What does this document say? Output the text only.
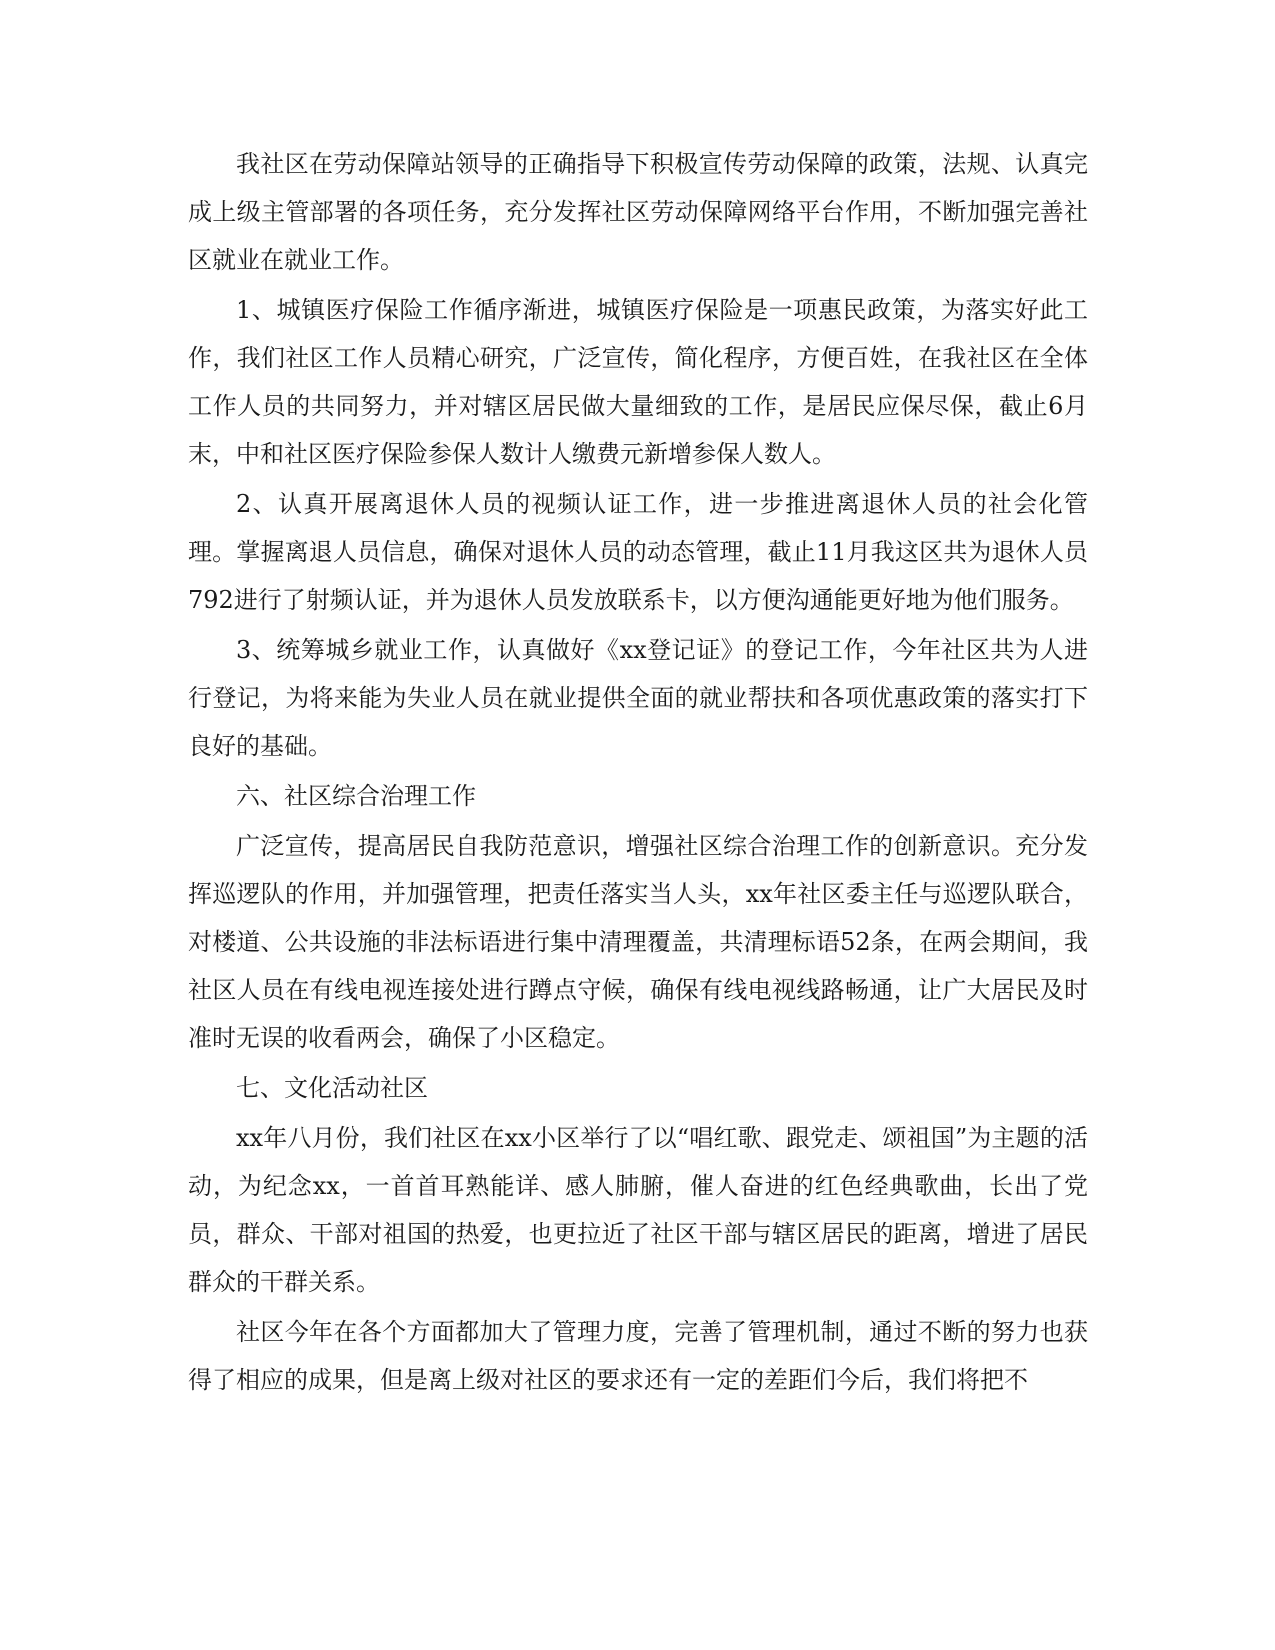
我社区在劳动保障站领导的正确指导下积极宣传劳动保障的政策，法规、认真完成上级主管部署的各项任务，充分发挥社区劳动保障网络平台作用，不断加强完善社区就业在就业工作。

1、城镇医疗保险工作循序渐进，城镇医疗保险是一项惠民政策，为落实好此工作，我们社区工作人员精心研究，广泛宣传，简化程序，方便百姓，在我社区在全体工作人员的共同努力，并对辖区居民做大量细致的工作，是居民应保尽保，截止6月末，中和社区医疗保险参保人数计人缴费元新增参保人数人。

2、认真开展离退休人员的视频认证工作，进一步推进离退休人员的社会化管理。掌握离退人员信息，确保对退休人员的动态管理，截止11月我这区共为退休人员792进行了射频认证，并为退休人员发放联系卡，以方便沟通能更好地为他们服务。

3、统筹城乡就业工作，认真做好《xx登记证》的登记工作，今年社区共为人进行登记，为将来能为失业人员在就业提供全面的就业帮扶和各项优惠政策的落实打下良好的基础。

六、社区综合治理工作

广泛宣传，提高居民自我防范意识，增强社区综合治理工作的创新意识。充分发挥巡逻队的作用，并加强管理，把责任落实当人头，xx年社区委主任与巡逻队联合，对楼道、公共设施的非法标语进行集中清理覆盖，共清理标语52条，在两会期间，我社区人员在有线电视连接处进行蹲点守候，确保有线电视线路畅通，让广大居民及时准时无误的收看两会，确保了小区稳定。

七、文化活动社区

xx年八月份，我们社区在xx小区举行了以“唱红歌、跟党走、颂祖国”为主题的活动，为纪念xx，一首首耳熟能详、感人肺腑，催人奋进的红色经典歌曲，长出了党员，群众、干部对祖国的热爱，也更拉近了社区干部与辖区居民的距离，增进了居民群众的干群关系。

社区今年在各个方面都加大了管理力度，完善了管理机制，通过不断的努力也获得了相应的成果，但是离上级对社区的要求还有一定的差距们今后，我们将把不
